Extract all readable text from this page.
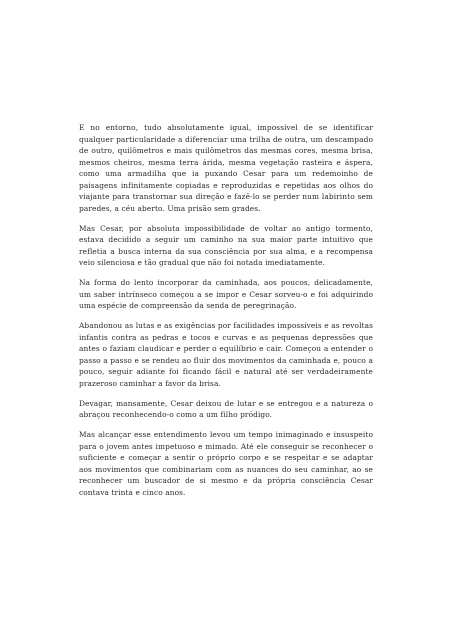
E no entorno, tudo absolutamente igual, impossível de se identificar qualquer particularidade a diferenciar uma trilha de outra, um descampado de outro, quilômetros e mais quilômetros das mesmas cores, mesma brisa, mesmos cheiros, mesma terra árida, mesma vegetação rasteira e áspera, como uma armadilha que ia puxando Cesar para um redemoinho de paisagens infinitamente copiadas e reproduzidas e repetidas aos olhos do viajante para transtornar sua direção e fazê-lo se perder num labirinto sem paredes, a céu aberto. Uma prisão sem grades.

Mas Cesar, por absoluta impossibilidade de voltar ao antigo tormento, estava decidido a seguir um caminho na sua maior parte intuitivo que refletia a busca interna da sua consciência por sua alma, e a recompensa veio silenciosa e tão gradual que não foi notada imediatamente.

Na forma do lento incorporar da caminhada, aos poucos, delicadamente, um saber intrínseco começou a se impor e Cesar sorveu-o e foi adquirindo uma espécie de compreensão da senda de peregrinação.

Abandonou as lutas e as exigências por facilidades impossíveis e as revoltas infantis contra as pedras e tocos e curvas e as pequenas depressões que antes o faziam claudicar e perder o equilíbrio e cair. Começou a entender o passo a passo e se rendeu ao fluir dos movimentos da caminhada e, pouco a pouco, seguir adiante foi ficando fácil e natural até ser verdadeiramente prazeroso caminhar a favor da brisa.

Devagar, mansamente, Cesar deixou de lutar e se entregou e a natureza o abraçou reconhecendo-o como a um filho pródigo.

Mas alcançar esse entendimento levou um tempo inimaginado e insuspeito para o jovem antes impetuoso e mimado. Até ele conseguir se reconhecer o suficiente e começar a sentir o próprio corpo e se respeitar e se adaptar aos movimentos que combinariam com as nuances do seu caminhar, ao se reconhecer um buscador de si mesmo e da própria consciência Cesar contava trinta e cinco anos.
